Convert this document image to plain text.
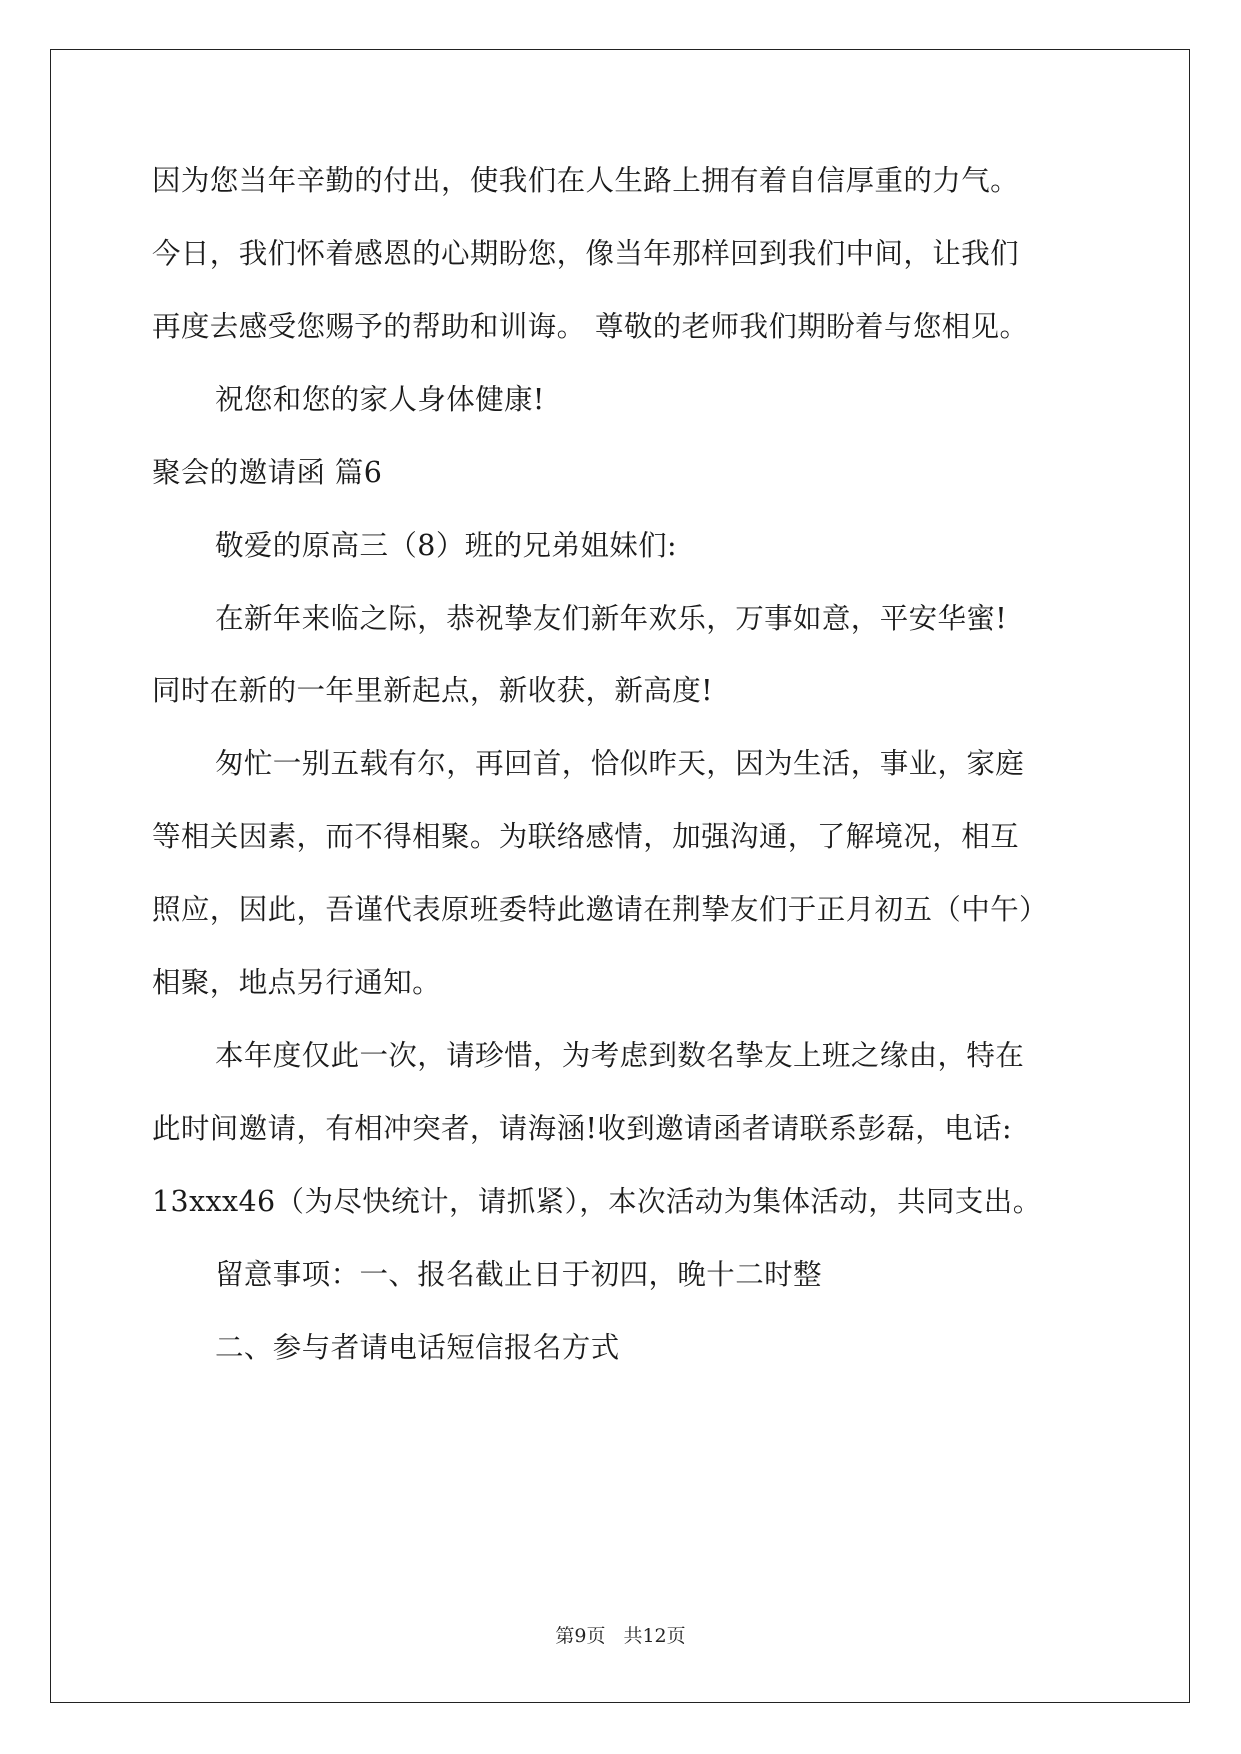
因为您当年辛勤的付出，使我们在人生路上拥有着自信厚重的力气。
今日，我们怀着感恩的心期盼您，像当年那样回到我们中间，让我们
再度去感受您赐予的帮助和训诲。 尊敬的老师我们期盼着与您相见。
祝您和您的家人身体健康!
聚会的邀请函 篇6
敬爱的原高三（8）班的兄弟姐妹们:
在新年来临之际，恭祝挚友们新年欢乐，万事如意，平安华蜜!
同时在新的一年里新起点，新收获，新高度!
匆忙一别五载有尔，再回首，恰似昨天，因为生活，事业，家庭
等相关因素，而不得相聚。为联络感情，加强沟通，了解境况，相互
照应，因此，吾谨代表原班委特此邀请在荆挚友们于正月初五（中午）
相聚，地点另行通知。
本年度仅此一次，请珍惜，为考虑到数名挚友上班之缘由，特在
此时间邀请，有相冲突者，请海涵!收到邀请函者请联系彭磊，电话:
13xxx46（为尽快统计，请抓紧），本次活动为集体活动，共同支出。
留意事项：一、报名截止日于初四，晚十二时整
二、参与者请电话短信报名方式
第9页 共12页
